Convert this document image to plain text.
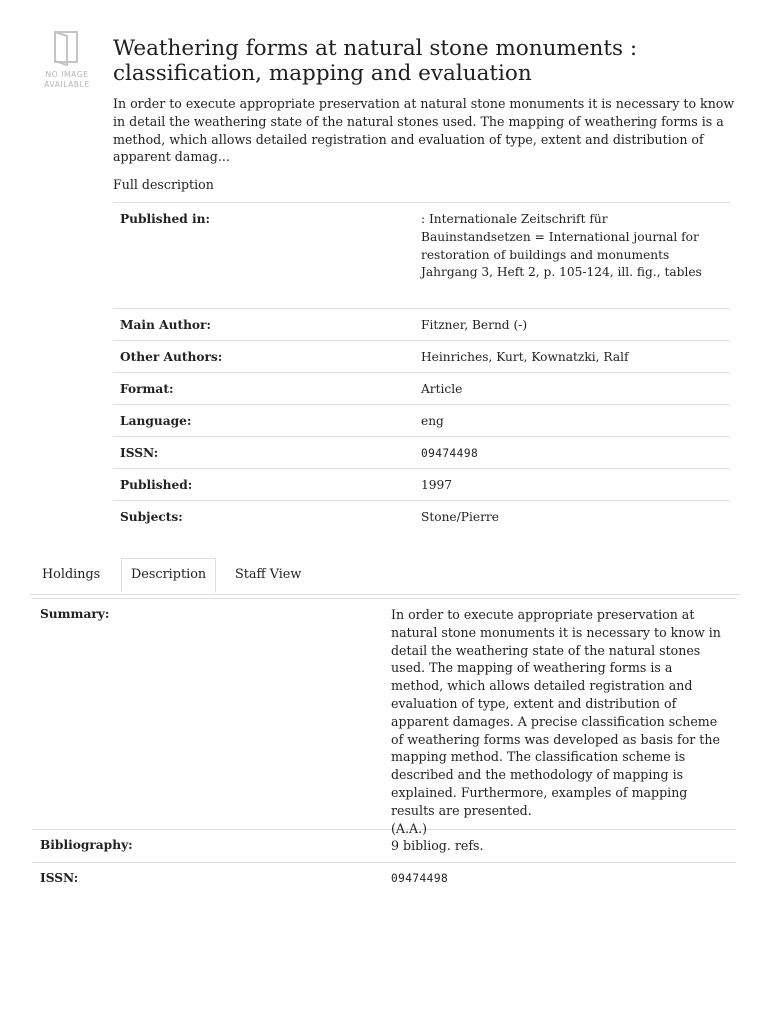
NO IMAGE
AVAILABLE
Weathering forms at natural stone monuments : classification, mapping and evaluation

In order to execute appropriate preservation at natural stone monuments it is necessary to know in detail the weathering state of the natural stones used. The mapping of weathering forms is a method, which allows detailed registration and evaluation of type, extent and distribution of apparent damag...

Full description
Published in:	: Internationale Zeitschrift für Bauinstandsetzen = International journal for restoration of buildings and monuments Jahrgang 3, Heft 2, p. 105-124, ill. fig., tables
Main Author:	Fitzner, Bernd (-)
Other Authors:	Heinriches, Kurt, Kownatzki, Ralf
Format:	Article
Language:	eng
ISSN:	09474498
Published:	1997
Subjects:	Stone/Pierre
Holdings	Description	Staff View
Summary:	In order to execute appropriate preservation at natural stone monuments it is necessary to know in detail the weathering state of the natural stones used. The mapping of weathering forms is a method, which allows detailed registration and evaluation of type, extent and distribution of apparent damages. A precise classification scheme of weathering forms was developed as basis for the mapping method. The classification scheme is described and the methodology of mapping is explained. Furthermore, examples of mapping results are presented.
(A.A.)
Bibliography:	9 bibliog. refs.
ISSN:	09474498
